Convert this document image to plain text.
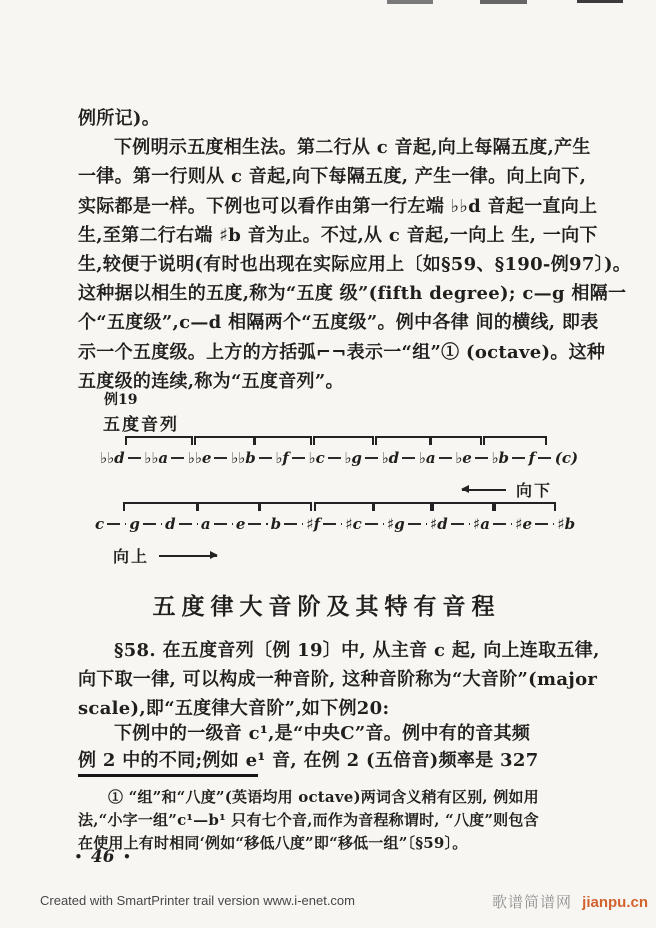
例所记)。
下例明示五度相生法。第二行从 c 音起,向上每隔五度,产生
一律。第一行则从 c 音起,向下每隔五度, 产生一律。向上向下,
实际都是一样。下例也可以看作由第一行左端 ♭♭d 音起一直向上
生,至第二行右端 ♯b 音为止。不过,从 c 音起,一向上 生, 一向下
生,较便于说明(有时也出现在实际应用上〔如§59、§190-例97〕)。
这种据以相生的五度,称为“五度 级”(fifth degree); c—g 相隔一
个“五度级”,c—d 相隔两个“五度级”。例中各律 间的横线, 即表
示一个五度级。上方的方括弧⌐¬表示一“组”① (octave)。这种
五度级的连续,称为“五度音列”。
例19
五度音列
♭♭d ♭♭a ♭♭e ♭♭b ♭f ♭c ♭g ♭d ♭a ♭e ♭b f (c)
向下
c g d a e b ♯f ♯c ♯g ♯d ♯a ♯e ♯b
向上
五度律大音阶及其特有音程
§58. 在五度音列〔例 19〕中, 从主音 c 起, 向上连取五律,
向下取一律, 可以构成一种音阶, 这种音阶称为“大音阶”(major
scale),即“五度律大音阶”,如下例20:
下例中的一级音 c¹,是“中央C”音。例中有的音其频
例 2 中的不同;例如 e¹ 音, 在例 2 (五倍音)频率是 327
① “组”和“八度”(英语均用 octave)两词含义稍有区别, 例如用
法,“小字一组”c¹—b¹ 只有七个音,而作为音程称谓时, “八度”则包含
在使用上有时相同‘例如“移低八度”即“移低一组”〔§59〕。
• 46 •
Created with SmartPrinter trail version www.i-enet.com	歌谱简谱网 jianpu.cn
